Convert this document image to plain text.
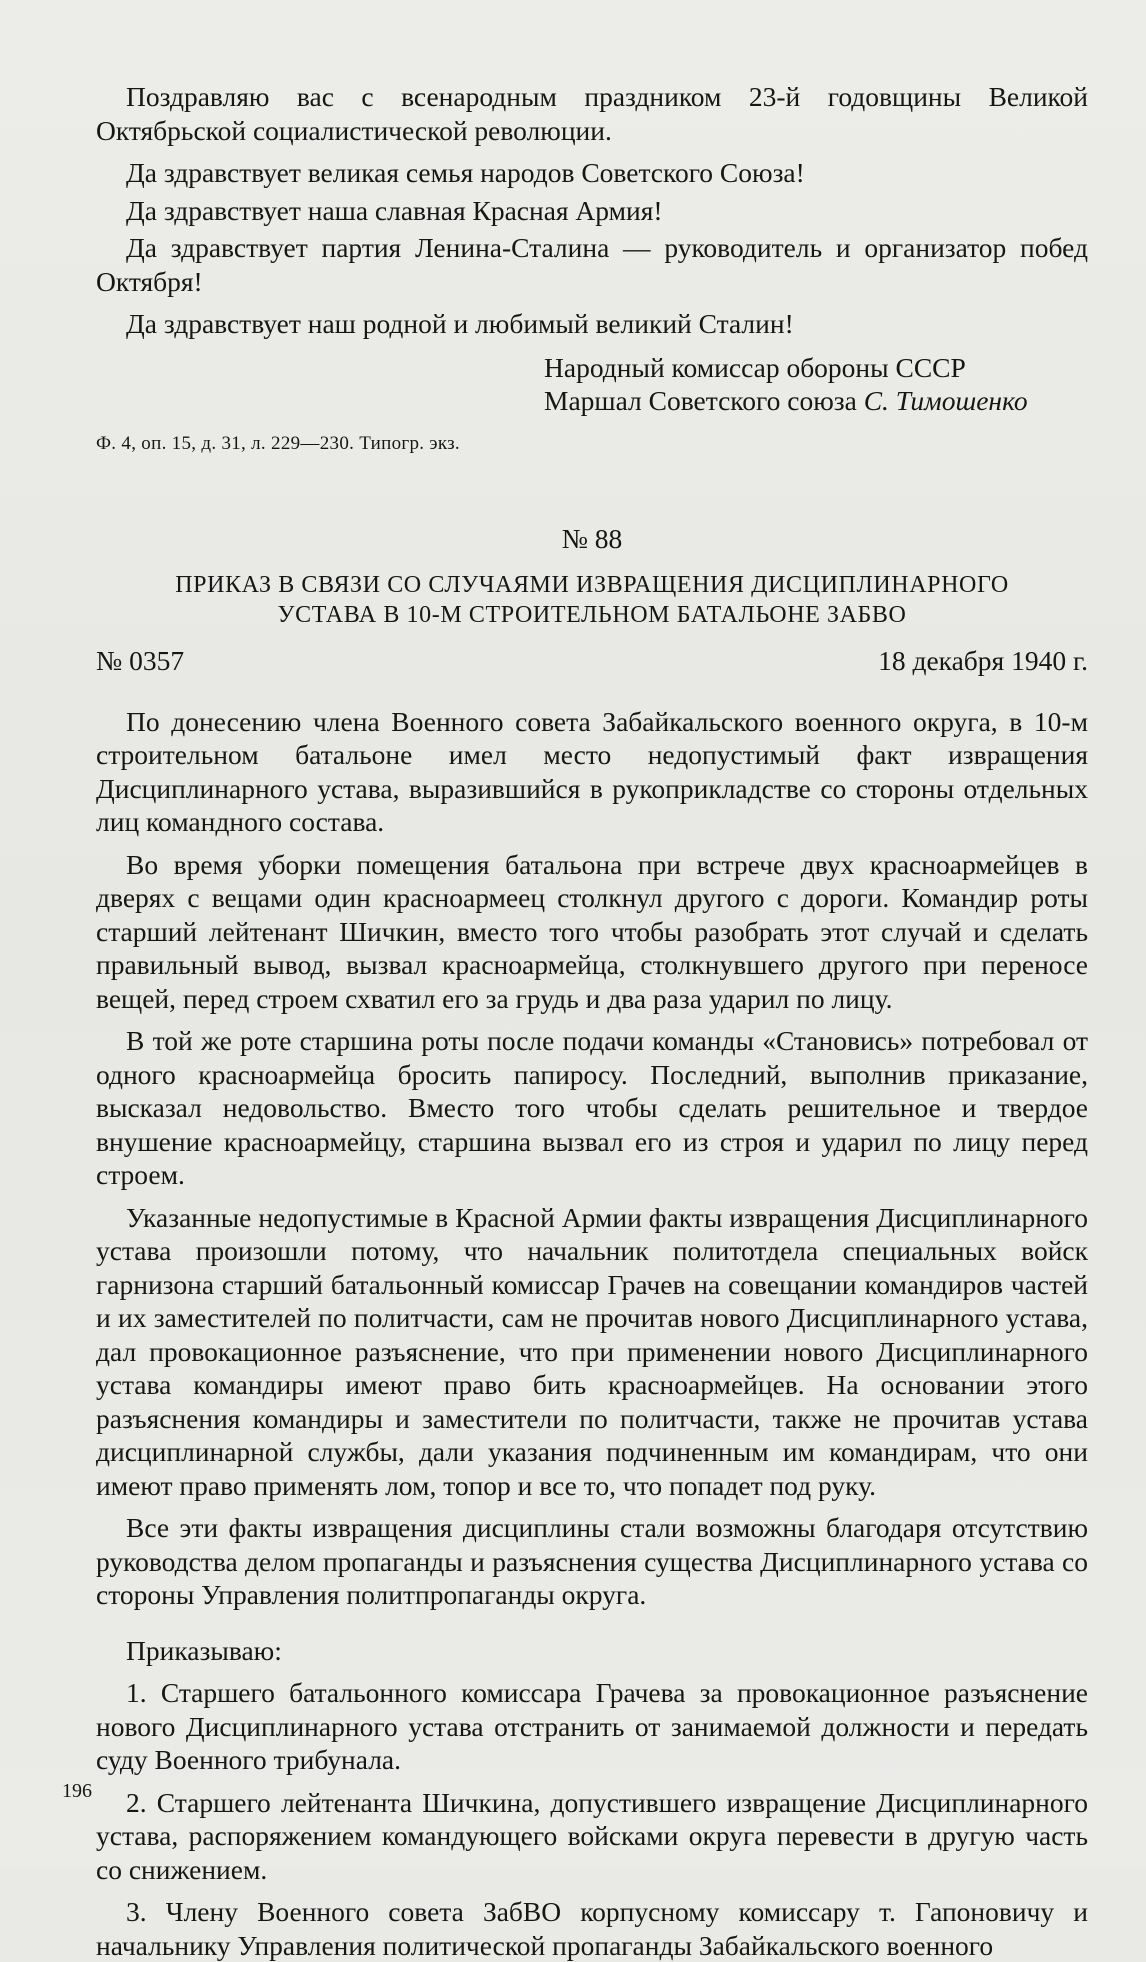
Поздравляю вас с всенародным праздником 23-й годовщины Великой Октябрьской социалистической революции.

Да здравствует великая семья народов Советского Союза!

Да здравствует наша славная Красная Армия!

Да здравствует партия Ленина-Сталина — руководитель и организатор побед Октября!

Да здравствует наш родной и любимый великий Сталин!

Народный комиссар обороны СССР
Маршал Советского союза С. Тимошенко
Ф. 4, оп. 15, д. 31, л. 229—230. Типогр. экз.
№ 88
ПРИКАЗ В СВЯЗИ СО СЛУЧАЯМИ ИЗВРАЩЕНИЯ ДИСЦИПЛИНАРНОГО
УСТАВА В 10-М СТРОИТЕЛЬНОМ БАТАЛЬОНЕ ЗАБВО
№ 0357	18 декабря 1940 г.

По донесению члена Военного совета Забайкальского военного округа, в 10-м строительном батальоне имел место недопустимый факт извращения Дисциплинарного устава, выразившийся в рукоприкладстве со стороны отдельных лиц командного состава.

Во время уборки помещения батальона при встрече двух красноармейцев в дверях с вещами один красноармеец столкнул другого с дороги. Командир роты старший лейтенант Шичкин, вместо того чтобы разобрать этот случай и сделать правильный вывод, вызвал красноармейца, столкнувшего другого при переносе вещей, перед строем схватил его за грудь и два раза ударил по лицу.

В той же роте старшина роты после подачи команды «Становись» потребовал от одного красноармейца бросить папиросу. Последний, выполнив приказание, высказал недовольство. Вместо того чтобы сделать решительное и твердое внушение красноармейцу, старшина вызвал его из строя и ударил по лицу перед строем.

Указанные недопустимые в Красной Армии факты извращения Дисциплинарного устава произошли потому, что начальник политотдела специальных войск гарнизона старший батальонный комиссар Грачев на совещании командиров частей и их заместителей по политчасти, сам не прочитав нового Дисциплинарного устава, дал провокационное разъяснение, что при применении нового Дисциплинарного устава командиры имеют право бить красноармейцев. На основании этого разъяснения командиры и заместители по политчасти, также не прочитав устава дисциплинарной службы, дали указания подчиненным им командирам, что они имеют право применять лом, топор и все то, что попадет под руку.

Все эти факты извращения дисциплины стали возможны благодаря отсутствию руководства делом пропаганды и разъяснения существа Дисциплинарного устава со стороны Управления политпропаганды округа.

Приказываю:

1. Старшего батальонного комиссара Грачева за провокационное разъяснение нового Дисциплинарного устава отстранить от занимаемой должности и передать суду Военного трибунала.

2. Старшего лейтенанта Шичкина, допустившего извращение Дисциплинарного устава, распоряжением командующего войсками округа перевести в другую часть со снижением.

3. Члену Военного совета ЗабВО корпусному комиссару т. Гапоновичу и начальнику Управления политической пропаганды Забайкальского военного

196
